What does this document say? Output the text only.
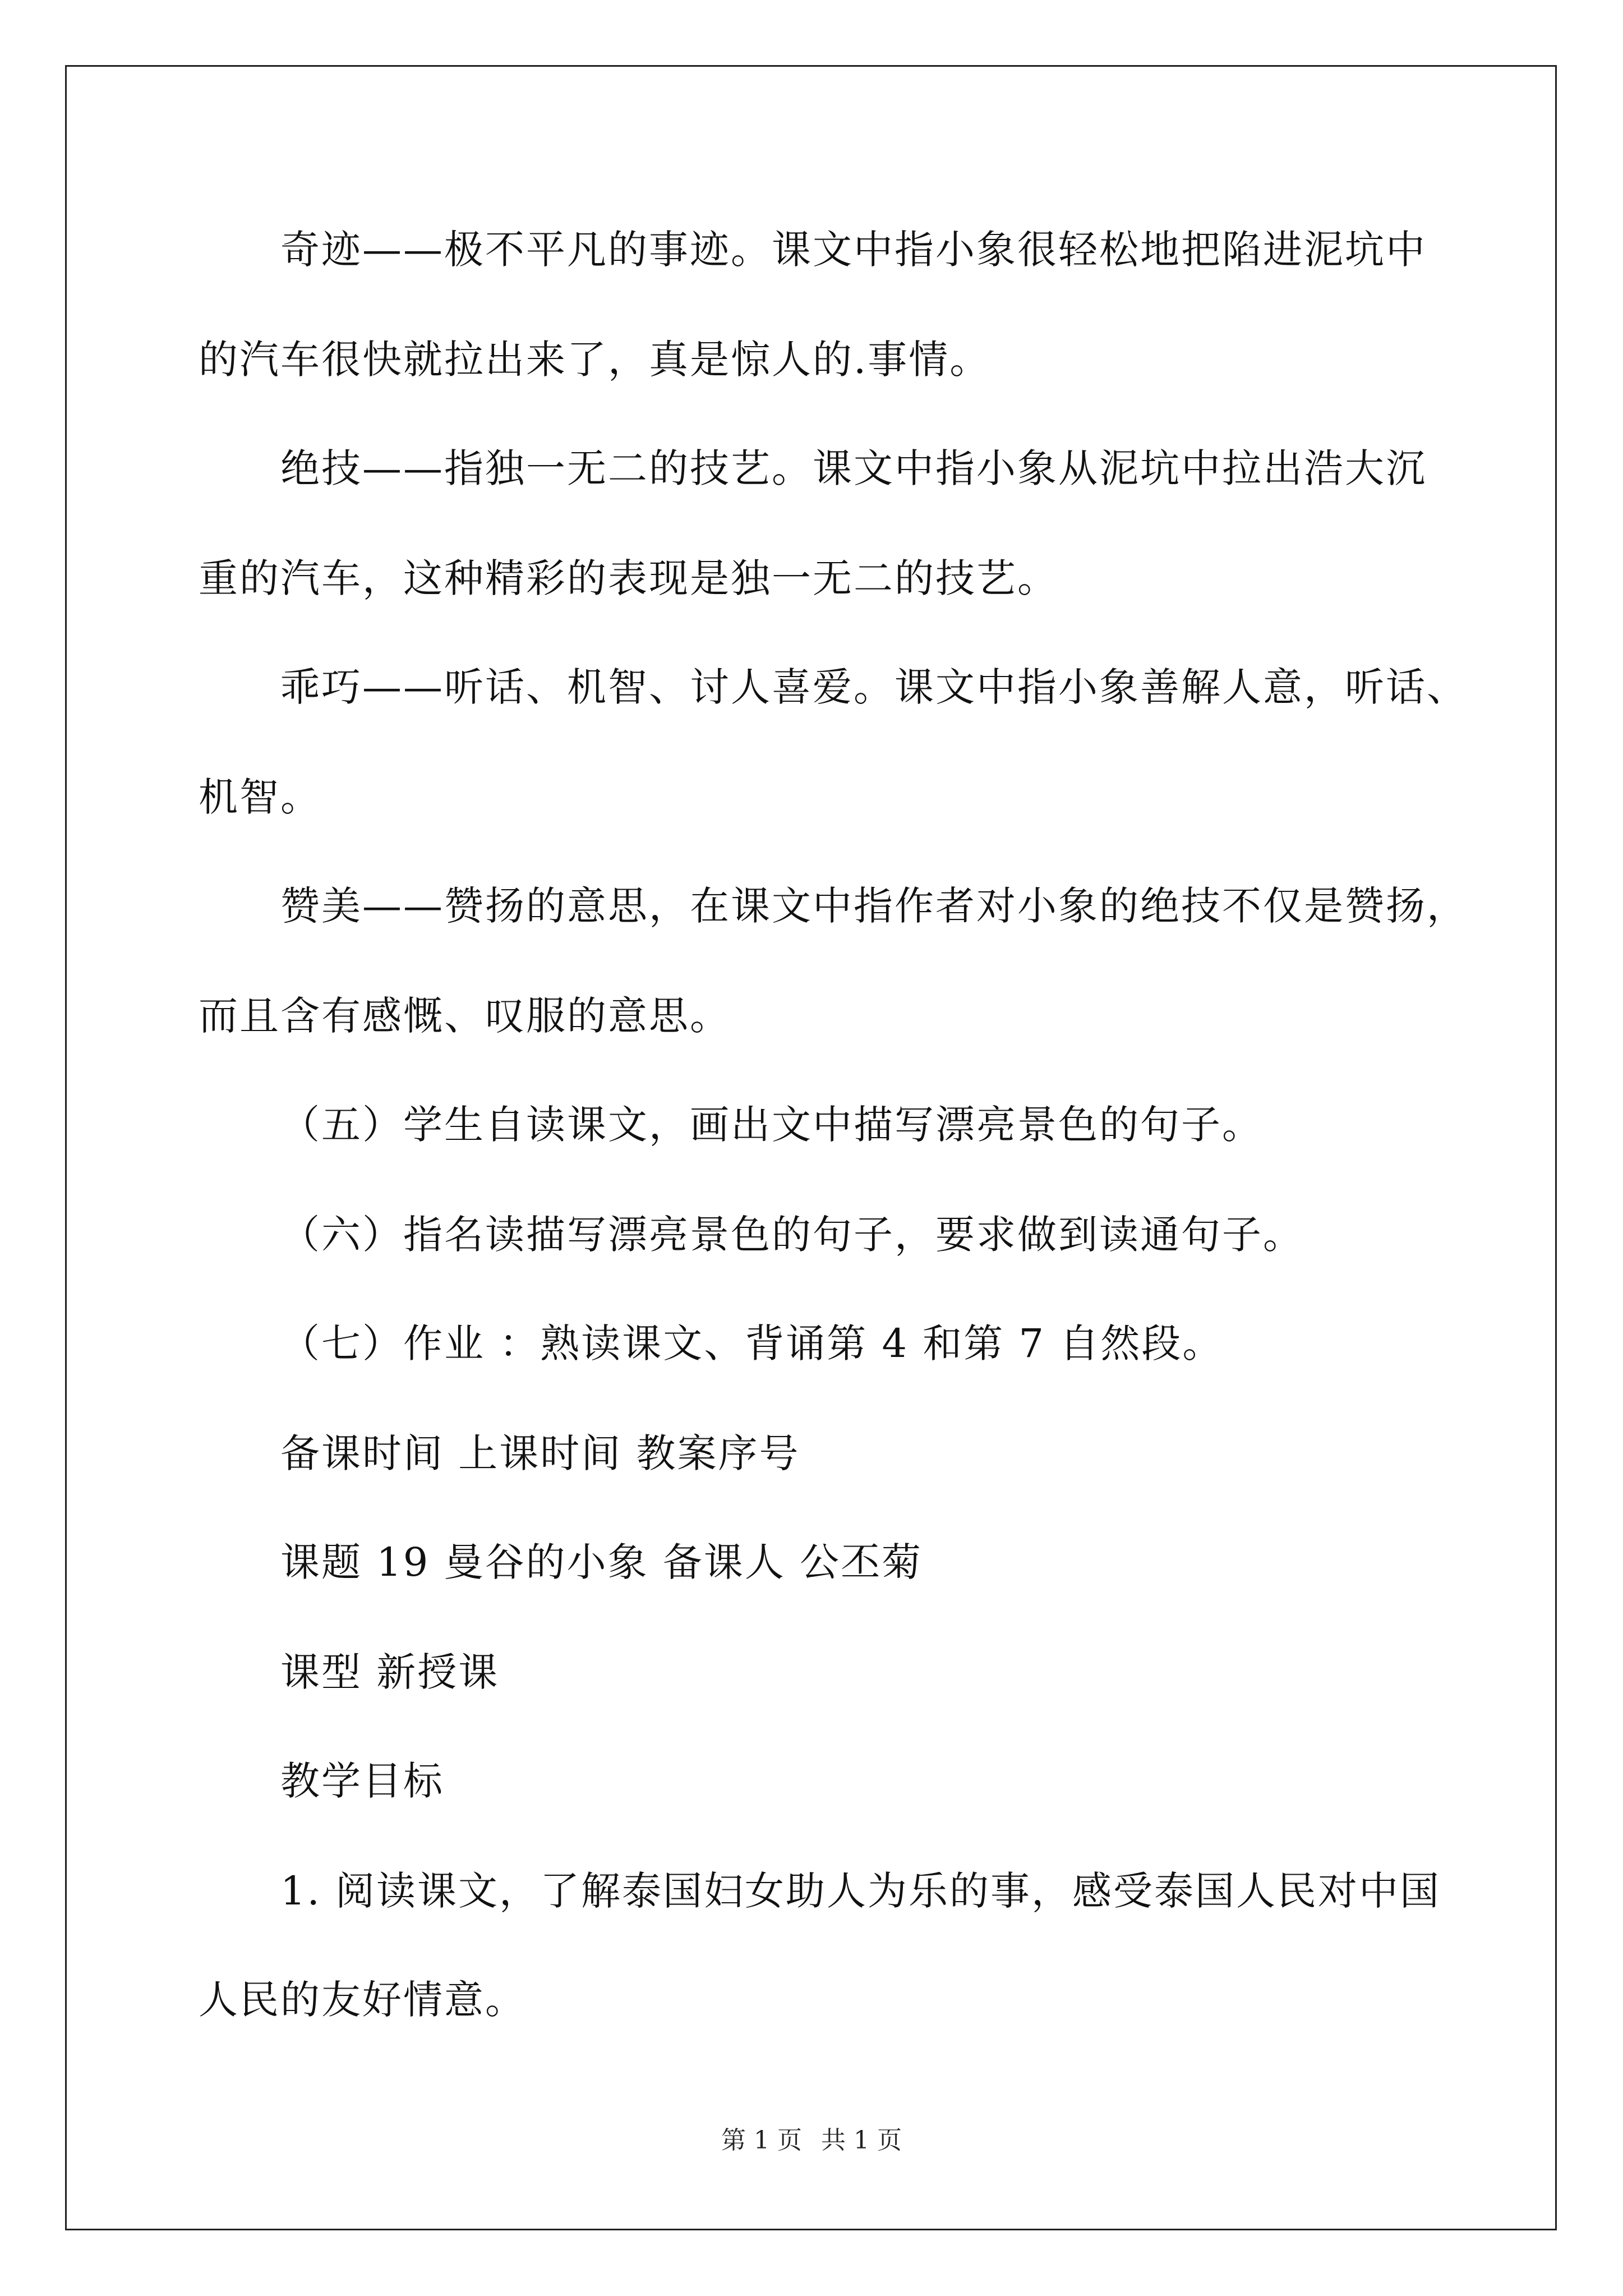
奇迹——极不平凡的事迹。课文中指小象很轻松地把陷进泥坑中
的汽车很快就拉出来了，真是惊人的.事情。
绝技——指独一无二的技艺。课文中指小象从泥坑中拉出浩大沉
重的汽车，这种精彩的表现是独一无二的技艺。
乖巧——听话、机智、讨人喜爱。课文中指小象善解人意，听话、
机智。
赞美——赞扬的意思，在课文中指作者对小象的绝技不仅是赞扬，
而且含有感慨、叹服的意思。
（五）学生自读课文，画出文中描写漂亮景色的句子。
（六）指名读描写漂亮景色的句子，要求做到读通句子。
（七）作业 ：熟读课文、背诵第 4 和第 7 自然段。
备课时间 上课时间 教案序号
课题 19 曼谷的小象 备课人 公丕菊
课型 新授课
教学目标
1. 阅读课文，了解泰国妇女助人为乐的事，感受泰国人民对中国
人民的友好情意。
第 1 页 共 1 页
